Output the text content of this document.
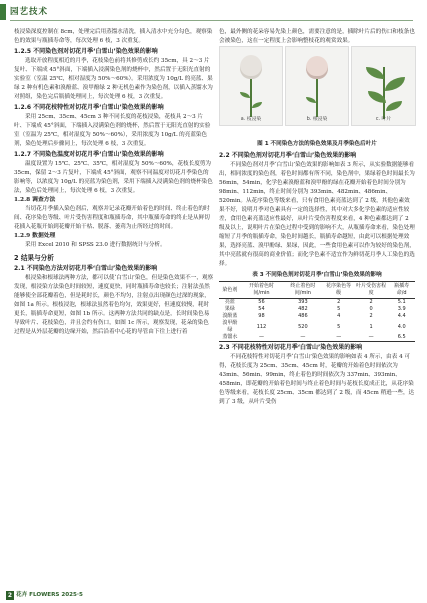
园艺技术

枝浸染深度控制在 8cm，处理完后用蒸馏水清洗，插入清水中充分勾色，观察染色的效果与瓶插寿命等，每次处理 6 枝，3 次重复。

1.2.5 不同染色剂对切花月季‘白雪山’染色效果的影响

选取开放程度相近的月季，花枝染色前将其修剪成长约 35cm，具 2～3 片复叶、下端成 45°斜面，下端插入浸满染色剂的烧杯中，然后置于无阳光直射的实验室（室温 25℃，相对湿度为 50%～60%）。采用浓度为 10g/L 的亮蓝、果绿 2 种有机色素和溴酚蓝、溴甲酚绿 2 种无机色素作为染色剂，以插入蒸馏水为对照组，染色完后瓶插处理同上，每次处理 6 枝，3 次重复。

1.2.6 不同花枝特性对切花月季‘白雪山’染色效果的影响

采用 25cm、35cm、45cm 3 种不同长度的花枝浸染，花枝具 2～3 片叶、下端成 45°斜面，下端插入浸满染色剂的烧杯，然后置于无阳光直射的实验室（室温为 25℃，相对湿度为 50%～60%），采用浓度为 10g/L 的亮蓝染色剂，染色处理后步骤同上，每次处理 6 枝，3 次重复。

1.2.7 不同染色温度对切花月季‘白雪山’染色效果的影响

温度设置为 15℃、25℃、35℃，相对湿度为 50%～60%，花枝长度剪为 35cm，保留 2～3 片复叶，下端成 45°斜面，观察不同温度对切花月季染色的影响等，以浓度为 10g/L 的亮蓝为染色剂，采用下端插入浸满染色剂的烧杯染色法，染色后处理同上，每次处理 6 枝，3 次重复。

1.2.8 调查方法

当切花月季插入染色剂后，观察并记录花瓣开始着色的时间、终止着色的时间、花序染色等级、叶片受伤害程度和瓶插寿命，其中瓶插寿命的终止是从鲜切花插入花瓶开始到花瓣开始干枯、脱落、萎蔫为止所经过的时间。

1.2.9 数据处理

采用 Excel 2010 和 SPSS 23.0 进行数据统计与分析。

2 结果与分析
2.1 不同染色方法对切花月季‘白雪山’染色效果的影响

根浸染和根球法两种方法，都可以使‘白雪山’染色，但是染色效果不一，观察发现，根浸染方法染色时间较短，速度更快，同时瓶插寿命也较长；注射法虽然能够使全部花瓣着色，但是耗时长，颜色不均匀，注射点出现颜色过深的现象，如图 1a 所示。根枝浸泡，根球法虽然着色均匀，效果更好，但速度较慢，耗时更长，瓶插寿命更短，如图 1b 所示。这两种方法共同的缺点是，长时间染色易导致叶片、花枝染色，并且会约有伤口，如图 1c 所示，观察发现，花朵的染色过程是从外层花瓣的边缘开始，然后沿着中心花的导管由下往上进行着

色，最外侧的花朵容易先染上颜色，需要注意的是，插除叶片后的伤口和枝条也会被染色，这在一定程度上会影响整枝花的观赏效果。

a. 枝浸染	b. 根浸染	c. 叶片
图 1 不同染色方法的染色效果及月季染色后叶片
2.2 不同染色剂对切花月季‘白雪山’染色效果的影响

不同染色剂对月季‘白雪山’染色效果的影响如表 3 所示，从实验数据能够看出，相同浓度的染色剂，着色时间都有所不同，染色剂中，果绿着色时间最长为 56min，54min，化学色素溴酚蓝和溴甲酚的绿在花瓣开始着色时间分别为 98min、112min，终止时间分别为 393min、482min、486min、520min。从花序染色等级来看，只有食用色素亮蓝达到了 2 级，其他色素效果不好，说明月季对色素具有一定的选择性，其中对大多化学色素的适应性较差，食用色素亮蓝适应性最好，从叶片受伤害程度来看，4 种色素都达到了 2 级及以上，说明叶片在染色过程中受到的影响不大，从瓶插寿命来看，染色处理缩短了月季的瓶插寿命，染色时间越长，瓶插寿命越短，由此可以根据处理效果，选择亮蓝、溴甲酚绿、果绿，因此，一些食用色素可以作为较好的染色剂，其中亮蓝就有很高的商业价值；而化学色素不适宜作为鲜切花月季人工染色的选择。

表 3 不同染色剂对切花月季‘白雪山’染色效果的影响
染色剂	开始着色时间/min	终止着色时间/min	花序染色等级	叶片受伤害程度	瓶插寿命/d
亮蓝	56	393	2	2	5.1
果绿	54	482	5	0	3.9
溴酚蓝	98	486	4	2	4.4
溴甲酚绿	112	520	5	1	4.0
蒸馏水	—	—	—	—	6.5
2.3 不同花枝特性对切花月季‘白雪山’染色效果的影响

不同花枝特性对切花月季‘白雪山’染色效果的影响如表 4 所示，由表 4 可得，花枝长度为 25cm、35cm、45cm 时，花瓣的开始着色时间依次为 43min、56min、99min，终止着色的时间依次为 337min、393min、458min，即花瓣的开始着色时间与终止着色时间与花枝长度成正比，从花序染色等级来看，花枝长度 25cm、35cm 都达到了 2 级，而 45cm 稍逊一些，达到了 3 级，从叶片受伤

2 花卉 FLOWERS 2025·5
